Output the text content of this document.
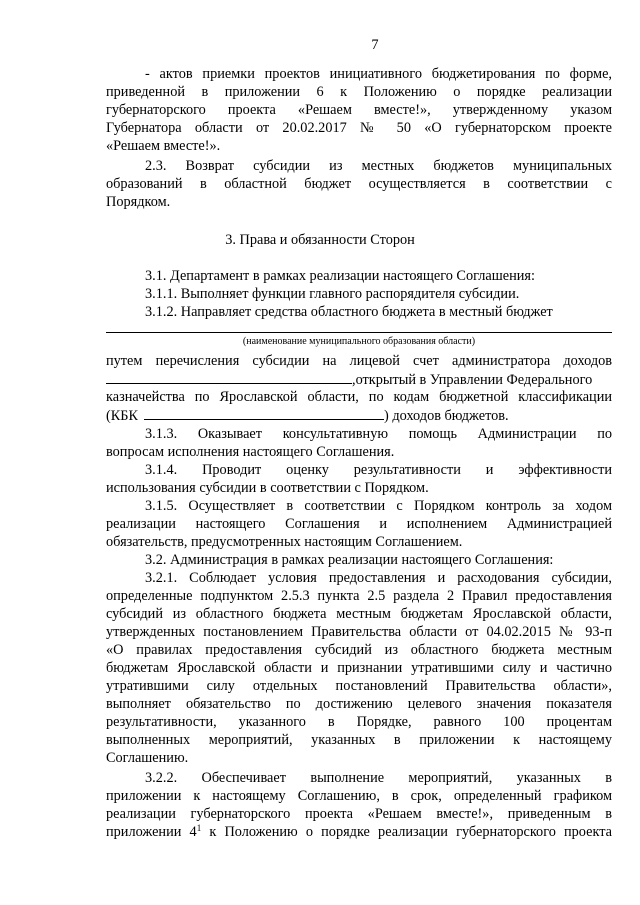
7
- актов приемки проектов инициативного бюджетирования по форме,
приведенной в приложении 6 к Положению о порядке реализации
губернаторского проекта «Решаем вместе!», утвержденному указом
Губернатора области от 20.02.2017 № 50 «О губернаторском проекте
«Решаем вместе!».
2.3. Возврат субсидии из местных бюджетов муниципальных
образований в областной бюджет осуществляется в соответствии с
Порядком.
3. Права и обязанности Сторон
3.1. Департамент в рамках реализации настоящего Соглашения:
3.1.1. Выполняет функции главного распорядителя субсидии.
3.1.2. Направляет средства областного бюджета в местный бюджет
(наименование муниципального образования области)
путем перечисления субсидии на лицевой счет администратора доходов
,открытый в Управлении Федерального
казначейства по Ярославской области, по кодам бюджетной классификации
(КБК	) доходов бюджетов.
3.1.3. Оказывает консультативную помощь Администрации по
вопросам исполнения настоящего Соглашения.
3.1.4. Проводит оценку результативности и эффективности
использования субсидии в соответствии с Порядком.
3.1.5. Осуществляет в соответствии с Порядком контроль за ходом
реализации настоящего Соглашения и исполнением Администрацией
обязательств, предусмотренных настоящим Соглашением.
3.2. Администрация в рамках реализации настоящего Соглашения:
3.2.1. Соблюдает условия предоставления и расходования субсидии,
определенные подпунктом 2.5.3 пункта 2.5 раздела 2 Правил предоставления
субсидий из областного бюджета местным бюджетам Ярославской области,
утвержденных постановлением Правительства области от 04.02.2015 № 93-п
«О правилах предоставления субсидий из областного бюджета местным
бюджетам Ярославской области и признании утратившими силу и частично
утратившими силу отдельных постановлений Правительства области»,
выполняет обязательство по достижению целевого значения показателя
результативности, указанного в Порядке, равного 100 процентам
выполненных мероприятий, указанных в приложении к настоящему
Соглашению.
3.2.2. Обеспечивает выполнение мероприятий, указанных в
приложении к настоящему Соглашению, в срок, определенный графиком
реализации губернаторского проекта «Решаем вместе!», приведенным в
приложении $4^1$ к Положению о порядке реализации губернаторского проекта
